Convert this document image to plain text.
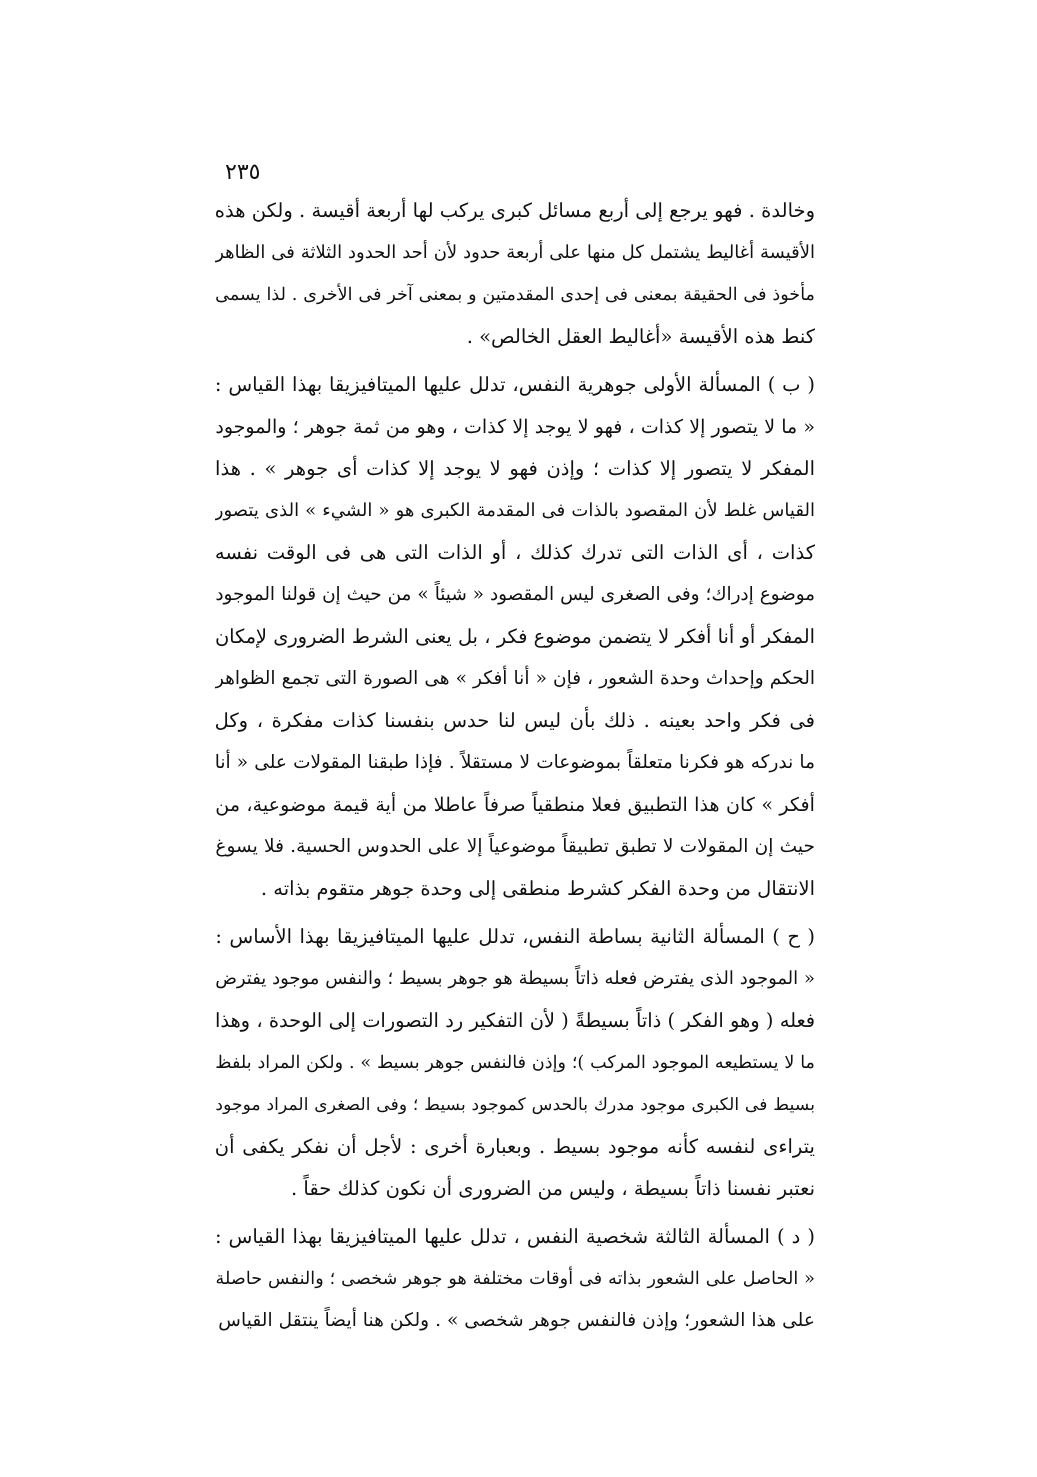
٢٣٥
وخالدة . فهو يرجع إلى أربع مسائل كبرى يركب لها أربعة أقيسة . ولكن هذه
الأقيسة أغاليط يشتمل كل منها على أربعة حدود لأن أحد الحدود الثلاثة فى الظاهر
مأخوذ فى الحقيقة بمعنى فى إحدى المقدمتين و بمعنى آخر فى الأخرى . لذا يسمى
كنط هذه الأقيسة «أغاليط العقل الخالص» .
( ب ) المسألة الأولى جوهرية النفس، تدلل عليها الميتافيزيقا بهذا القياس :
« ما لا يتصور إلا كذات ، فهو لا يوجد إلا كذات ، وهو من ثمة جوهر ؛ والموجود
المفكر لا يتصور إلا كذات ؛ وإذن فهو لا يوجد إلا كذات أى جوهر » . هذا
القياس غلط لأن المقصود بالذات فى المقدمة الكبرى هو « الشيء » الذى يتصور
كذات ، أى الذات التى تدرك كذلك ، أو الذات التى هى فى الوقت نفسه
موضوع إدراك؛ وفى الصغرى ليس المقصود « شيئاً » من حيث إن قولنا الموجود
المفكر أو أنا أفكر لا يتضمن موضوع فكر ، بل يعنى الشرط الضرورى لإمكان
الحكم وإحداث وحدة الشعور ، فإن « أنا أفكر » هى الصورة التى تجمع الظواهر
فى فكر واحد بعينه . ذلك بأن ليس لنا حدس بنفسنا كذات مفكرة ، وكل
ما ندركه هو فكرنا متعلقاً بموضوعات لا مستقلاً . فإذا طبقنا المقولات على « أنا
أفكر » كان هذا التطبيق فعلا منطقياً صرفاً عاطلا من أية قيمة موضوعية، من
حيث إن المقولات لا تطبق تطبيقاً موضوعياً إلا على الحدوس الحسية. فلا يسوغ
الانتقال من وحدة الفكر كشرط منطقى إلى وحدة جوهر متقوم بذاته .
( ح ) المسألة الثانية بساطة النفس، تدلل عليها الميتافيزيقا بهذا الأساس :
« الموجود الذى يفترض فعله ذاتاً بسيطة هو جوهر بسيط ؛ والنفس موجود يفترض
فعله ( وهو الفكر ) ذاتاً بسيطةً ( لأن التفكير رد التصورات إلى الوحدة ، وهذا
ما لا يستطيعه الموجود المركب )؛ وإذن فالنفس جوهر بسيط » . ولكن المراد بلفظ
بسيط فى الكبرى موجود مدرك بالحدس كموجود بسيط ؛ وفى الصغرى المراد موجود
يتراءى لنفسه كأنه موجود بسيط . وبعبارة أخرى : لأجل أن نفكر يكفى أن
نعتبر نفسنا ذاتاً بسيطة ، وليس من الضرورى أن نكون كذلك حقاً .
( د ) المسألة الثالثة شخصية النفس ، تدلل عليها الميتافيزيقا بهذا القياس :
« الحاصل على الشعور بذاته فى أوقات مختلفة هو جوهر شخصى ؛ والنفس حاصلة
على هذا الشعور؛ وإذن فالنفس جوهر شخصى » . ولكن هنا أيضاً ينتقل القياس
